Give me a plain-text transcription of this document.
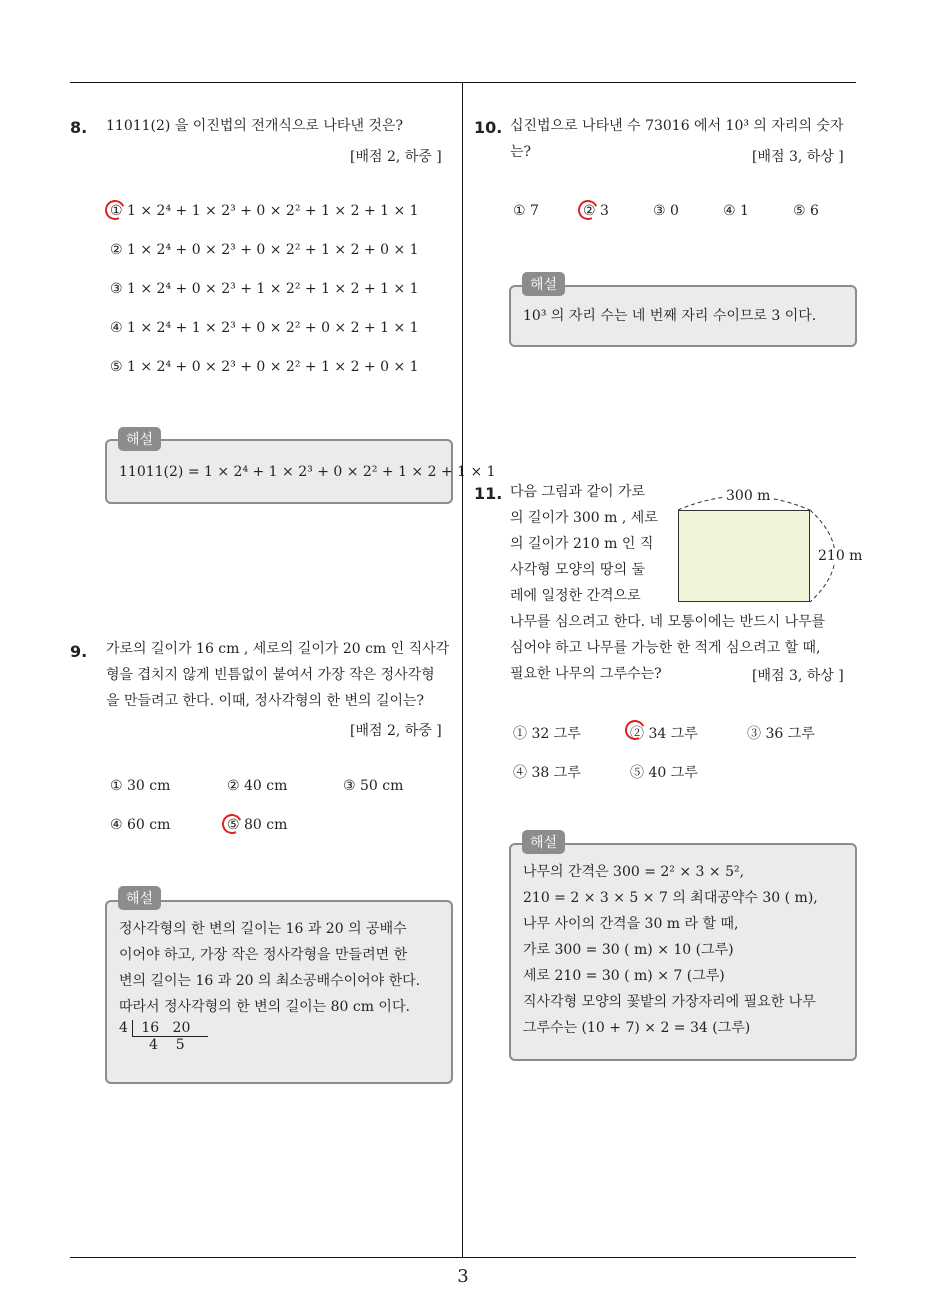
8. 11011(2) 을 이진법의 전개식으로 나타낸 것은?
[배점 2, 하중 ]
① 1 × 2⁴ + 1 × 2³ + 0 × 2² + 1 × 2 + 1 × 1
② 1 × 2⁴ + 0 × 2³ + 0 × 2² + 1 × 2 + 0 × 1
③ 1 × 2⁴ + 0 × 2³ + 1 × 2² + 1 × 2 + 1 × 1
④ 1 × 2⁴ + 1 × 2³ + 0 × 2² + 0 × 2 + 1 × 1
⑤ 1 × 2⁴ + 0 × 2³ + 0 × 2² + 1 × 2 + 0 × 1
11011(2) = 1 × 2⁴ + 1 × 2³ + 0 × 2² + 1 × 2 + 1 × 1
해설
9. 가로의 길이가 16 cm , 세로의 길이가 20 cm 인 직사각
형을 겹치지 않게 빈틈없이 붙여서 가장 작은 정사각형
을 만들려고 한다. 이때, 정사각형의 한 변의 길이는?
[배점 2, 하중 ]
① 30 cm	② 40 cm	③ 50 cm
④ 60 cm	⑤ 80 cm
정사각형의 한 변의 길이는 16 과 20 의 공배수
이어야 하고, 가장 작은 정사각형을 만들려면 한
변의 길이는 16 과 20 의 최소공배수이어야 한다.
따라서 정사각형의 한 변의 길이는 80 cm 이다.
4 16   20
4    5
해설
10. 십진법으로 나타낸 수 73016 에서 10³ 의 자리의 숫자
는?	[배점 3, 하상 ]
① 7	② 3	③ 0	④ 1	⑤ 6
10³ 의 자리 수는 네 번째 자리 수이므로 3 이다.
해설
11. 다음 그림과 같이 가로
의 길이가 300 m , 세로
의 길이가 210 m 인 직
사각형 모양의 땅의 둘
레에 일정한 간격으로
나무를 심으려고 한다. 네 모퉁이에는 반드시 나무를
심어야 하고 나무를 가능한 한 적게 심으려고 할 때,
필요한 나무의 그루수는?	[배점 3, 하상 ]
300 m
210 m
① 32 그루	② 34 그루	③ 36 그루
④ 38 그루	⑤ 40 그루
나무의 간격은 300 = 2² × 3 × 5²,
210 = 2 × 3 × 5 × 7 의 최대공약수 30 ( m),
나무 사이의 간격을 30 m 라 할 때,
가로 300 = 30 ( m) × 10 (그루)
세로 210 = 30 ( m) × 7 (그루)
직사각형 모양의 꽃밭의 가장자리에 필요한 나무
그루수는 (10 + 7) × 2 = 34 (그루)
해설
3
